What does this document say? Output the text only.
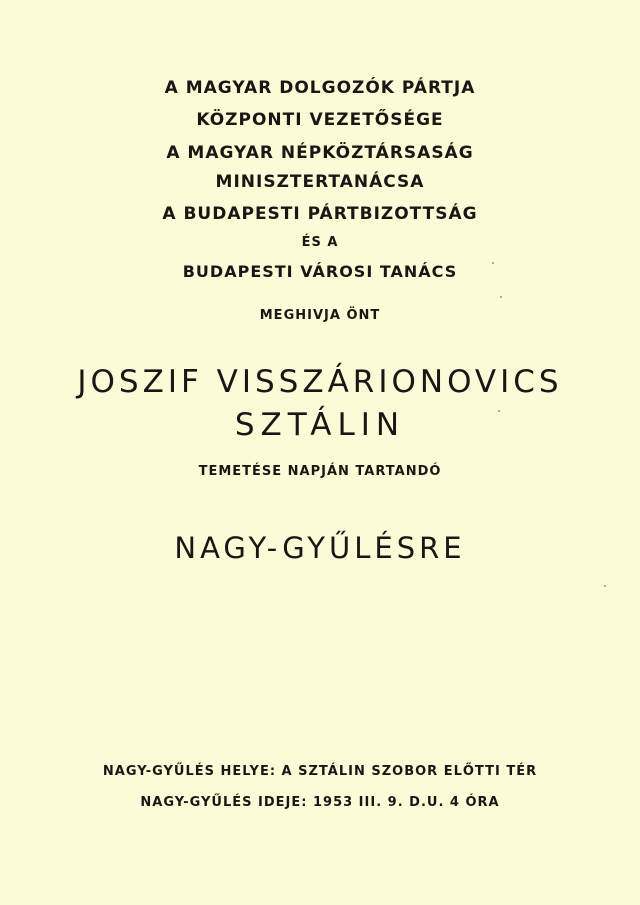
A MAGYAR DOLGOZÓK PÁRTJA
KÖZPONTI VEZETŐSÉGE
A MAGYAR NÉPKÖZTÁRSASÁG
MINISZTERTANÁCSA
A BUDAPESTI PÁRTBIZOTTSÁG
ÉS A
BUDAPESTI VÁROSI TANÁCS
MEGHIVJA ÖNT
JOSZIF VISSZÁRIONOVICS
SZTÁLIN
TEMETÉSE NAPJÁN TARTANDÓ
NAGY-GYŰLÉSRE
NAGY-GYŰLÉS HELYE: A SZTÁLIN SZOBOR ELŐTTI TÉR
NAGY-GYŰLÉS IDEJE: 1953 III. 9. D.U. 4 ÓRA
